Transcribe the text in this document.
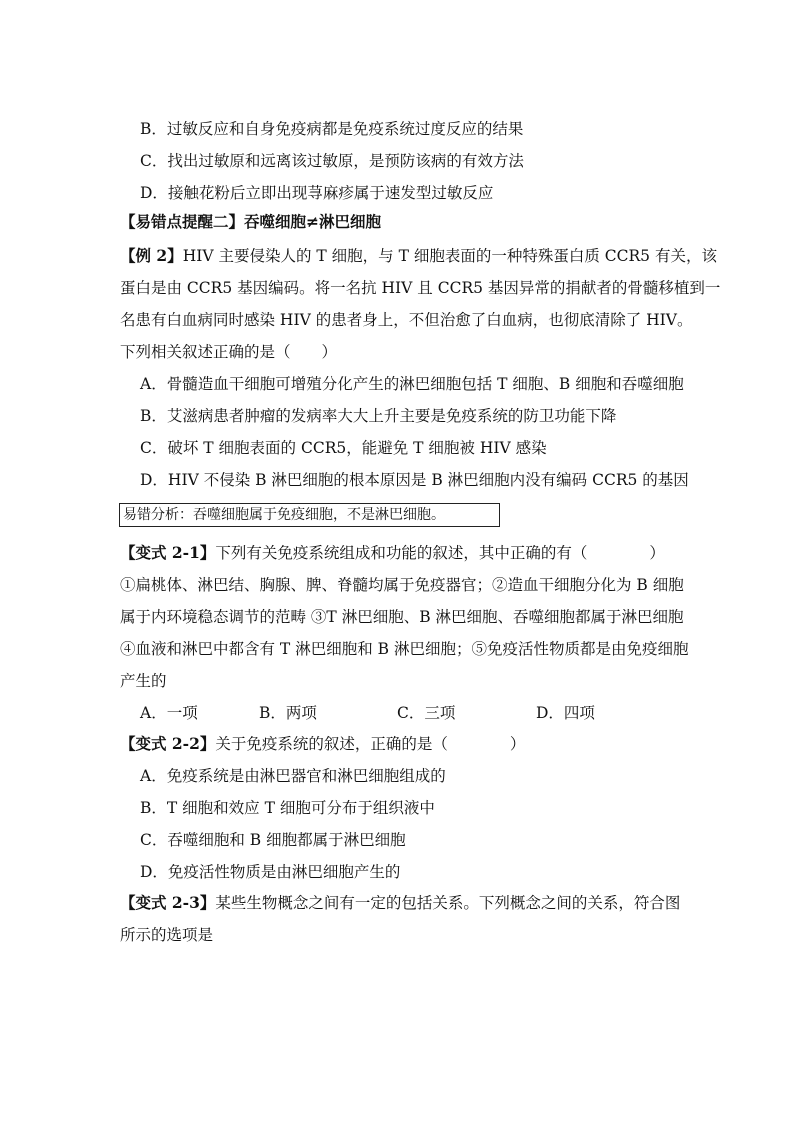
B．过敏反应和自身免疫病都是免疫系统过度反应的结果
C．找出过敏原和远离该过敏原，是预防该病的有效方法
D．接触花粉后立即出现荨麻疹属于速发型过敏反应
【易错点提醒二】吞噬细胞≠淋巴细胞
【例 2】HIV 主要侵染人的 T 细胞，与 T 细胞表面的一种特殊蛋白质 CCR5 有关，该
蛋白是由 CCR5 基因编码。将一名抗 HIV 且 CCR5 基因异常的捐献者的骨髓移植到一
名患有白血病同时感染 HIV 的患者身上，不但治愈了白血病，也彻底清除了 HIV。
下列相关叙述正确的是（　　）
A．骨髓造血干细胞可增殖分化产生的淋巴细胞包括 T 细胞、B 细胞和吞噬细胞
B．艾滋病患者肿瘤的发病率大大上升主要是免疫系统的防卫功能下降
C．破坏 T 细胞表面的 CCR5，能避免 T 细胞被 HIV 感染
D．HIV 不侵染 B 淋巴细胞的根本原因是 B 淋巴细胞内没有编码 CCR5 的基因
易错分析：吞噬细胞属于免疫细胞，不是淋巴细胞。
【变式 2-1】下列有关免疫系统组成和功能的叙述，其中正确的有（　　　　）
①扁桃体、淋巴结、胸腺、脾、脊髓均属于免疫器官；②造血干细胞分化为 B 细胞
属于内环境稳态调节的范畴 ③T 淋巴细胞、B 淋巴细胞、吞噬细胞都属于淋巴细胞
④血液和淋巴中都含有 T 淋巴细胞和 B 淋巴细胞；⑤免疫活性物质都是由免疫细胞
产生的
A．一项	B．两项	C．三项	D．四项
【变式 2-2】关于免疫系统的叙述，正确的是（　　　　）
A．免疫系统是由淋巴器官和淋巴细胞组成的
B．T 细胞和效应 T 细胞可分布于组织液中
C．吞噬细胞和 B 细胞都属于淋巴细胞
D．免疫活性物质是由淋巴细胞产生的
【变式 2-3】某些生物概念之间有一定的包括关系。下列概念之间的关系，符合图
所示的选项是
